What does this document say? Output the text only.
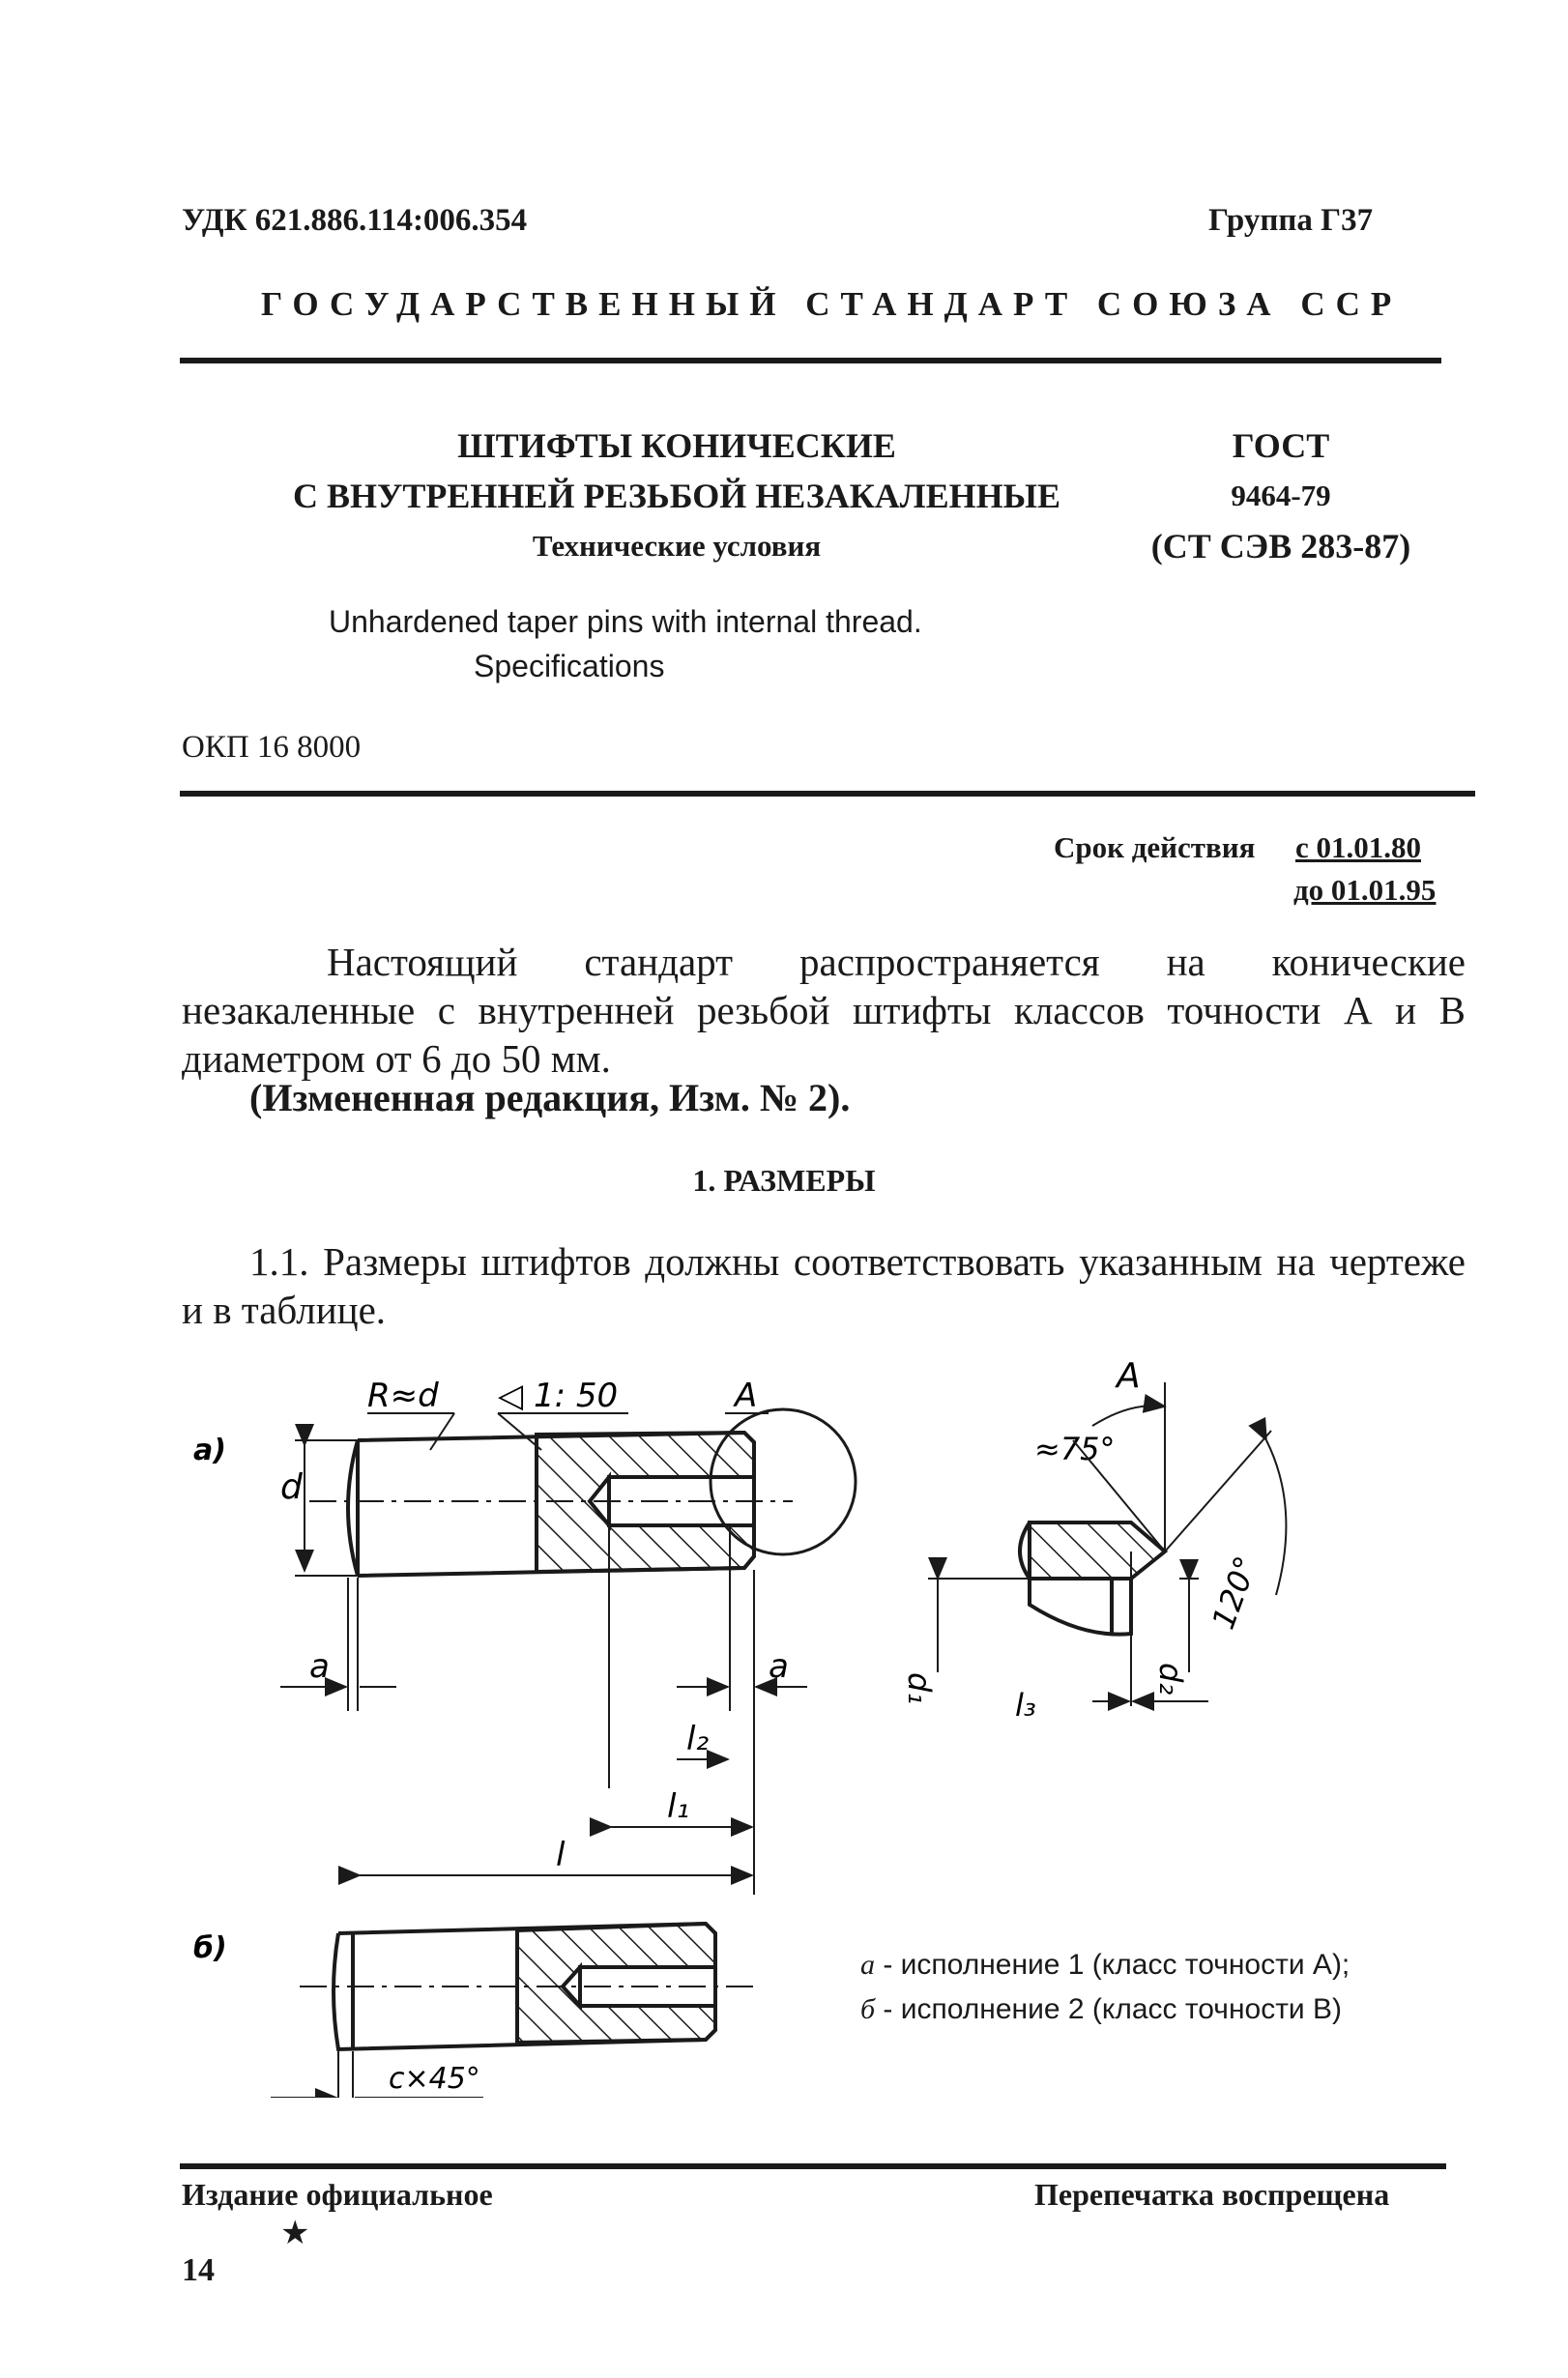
УДК 621.886.114:006.354	Группа Г37
ГОСУДАРСТВЕННЫЙ СТАНДАРТ СОЮЗА ССР
ШТИФТЫ КОНИЧЕСКИЕ
С ВНУТРЕННЕЙ РЕЗЬБОЙ НЕЗАКАЛЕННЫЕ
Технические условия
ГОСТ
9464-79
(СТ СЭВ 283-87)
Unhardened taper pins with internal thread.
Specifications
ОКП 16 8000
Срок действия с 01.01.80
до 01.01.95
Настоящий стандарт распространяется на конические незакаленные с внутренней резьбой штифты классов точности А и В диаметром от 6 до 50 мм.
(Измененная редакция, Изм. № 2).
1. РАЗМЕРЫ
1.1. Размеры штифтов должны соответствовать указанным на чертеже и в таблице.
а)
R≈d ◁ 1: 50	A
d
a	a
l₂
l₁
l
A
≈75°
120°
d₁	d₂
l₃
б)
c×45°
а - исполнение 1 (класс точности А);
б - исполнение 2 (класс точности В)
Издание официальное	Перепечатка воспрещена
★
14
